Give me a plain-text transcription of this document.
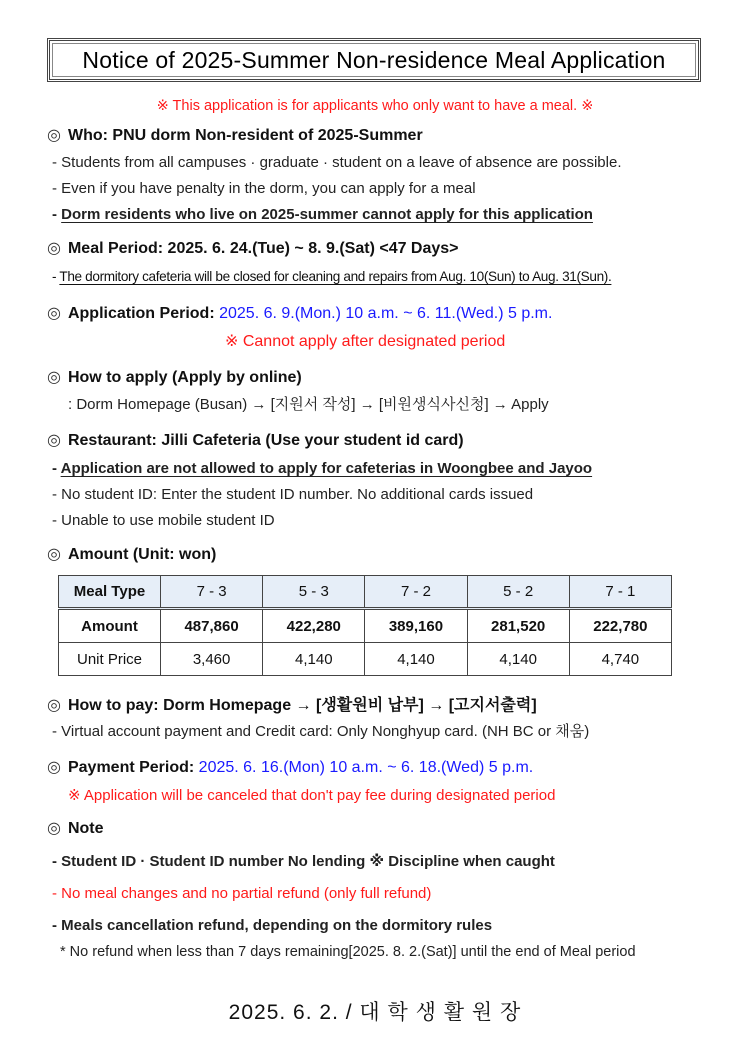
Notice of 2025-Summer Non-residence Meal Application
※ This application is for applicants who only want to have a meal. ※
◎ Who: PNU dorm Non-resident of 2025-Summer
- Students from all campuses · graduate · student on a leave of absence are possible.
- Even if you have penalty in the dorm, you can apply for a meal
- Dorm residents who live on 2025-summer cannot apply for this application
◎ Meal Period: 2025. 6. 24.(Tue) ~ 8. 9.(Sat) <47 Days>
- The dormitory cafeteria will be closed for cleaning and repairs from Aug. 10(Sun) to Aug. 31(Sun).
◎ Application Period: 2025. 6. 9.(Mon.) 10 a.m. ~ 6. 11.(Wed.) 5 p.m.
※ Cannot apply after designated period
◎ How to apply (Apply by online)
: Dorm Homepage (Busan) → [지원서 작성] → [비원생식사신청] → Apply
◎ Restaurant: Jilli Cafeteria (Use your student id card)
- Application are not allowed to apply for cafeterias in Woongbee and Jayoo
- No student ID: Enter the student ID number. No additional cards issued
- Unable to use mobile student ID
◎ Amount (Unit: won)
Meal Type	7 - 3	5 - 3	7 - 2	5 - 2	7 - 1
Amount	487,860	422,280	389,160	281,520	222,780
Unit Price	3,460	4,140	4,140	4,140	4,740
◎ How to pay: Dorm Homepage → [생활원비 납부] → [고지서출력]
- Virtual account payment and Credit card: Only Nonghyup card. (NH BC or 채움)
◎ Payment Period: 2025. 6. 16.(Mon) 10 a.m. ~ 6. 18.(Wed) 5 p.m.
※ Application will be canceled that don't pay fee during designated period
◎ Note
- Student ID · Student ID number No lending ※ Discipline when caught
- No meal changes and no partial refund (only full refund)
- Meals cancellation refund, depending on the dormitory rules
* No refund when less than 7 days remaining[2025. 8. 2.(Sat)] until the end of Meal period
2025. 6. 2. / 대 학 생 활 원 장
